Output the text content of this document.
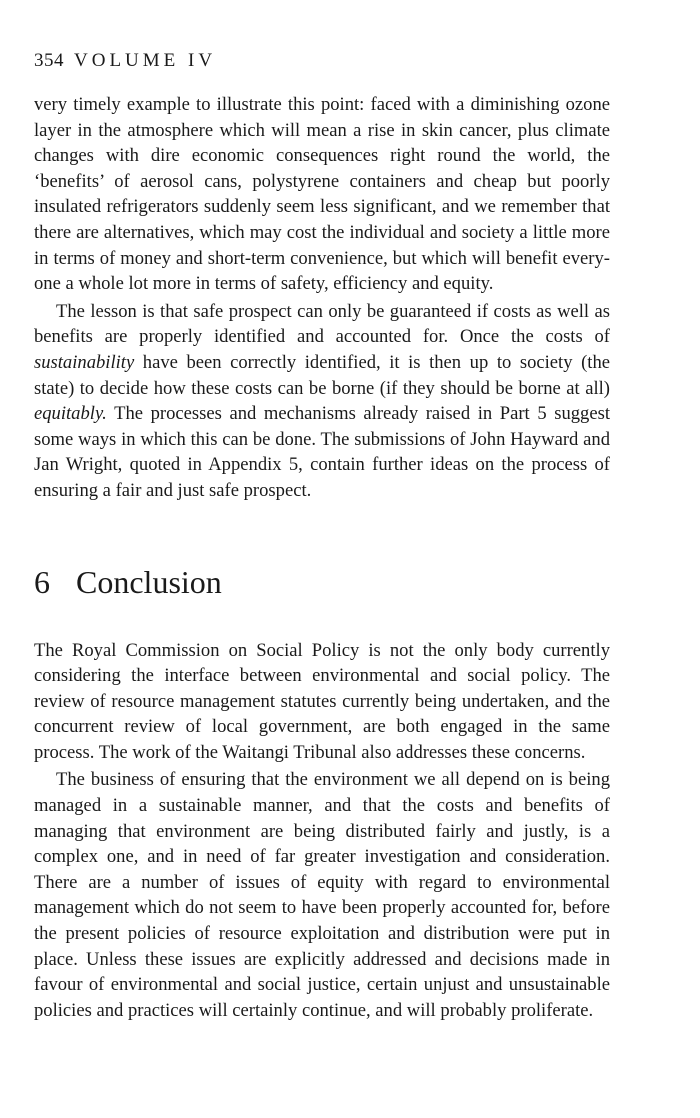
354 VOLUME IV

very timely example to illustrate this point: faced with a diminishing ozone layer in the atmosphere which will mean a rise in skin cancer, plus climate changes with dire economic consequences right round the world, the ‘benefits’ of aerosol cans, polystyrene containers and cheap but poorly insulated refrigerators suddenly seem less significant, and we remember that there are alternatives, which may cost the individual and society a little more in terms of money and short-term convenience, but which will benefit everyone a whole lot more in terms of safety, efficiency and equity.

The lesson is that safe prospect can only be guaranteed if costs as well as benefits are properly identified and accounted for. Once the costs of sustainability have been correctly identified, it is then up to society (the state) to decide how these costs can be borne (if they should be borne at all) equitably. The processes and mechanisms already raised in Part 5 suggest some ways in which this can be done. The submissions of John Hayward and Jan Wright, quoted in Appendix 5, contain further ideas on the process of ensuring a fair and just safe prospect.

6 Conclusion

The Royal Commission on Social Policy is not the only body currently considering the interface between environmental and social policy. The review of resource management statutes currently being undertaken, and the concurrent review of local government, are both engaged in the same process. The work of the Waitangi Tribunal also addresses these concerns.

The business of ensuring that the environment we all depend on is being managed in a sustainable manner, and that the costs and benefits of managing that environment are being distributed fairly and justly, is a complex one, and in need of far greater investigation and consideration. There are a number of issues of equity with regard to environmental management which do not seem to have been properly accounted for, before the present policies of resource exploitation and distribution were put in place. Unless these issues are explicitly addressed and decisions made in favour of environmental and social justice, certain unjust and unsustainable policies and practices will certainly continue, and will probably proliferate.
